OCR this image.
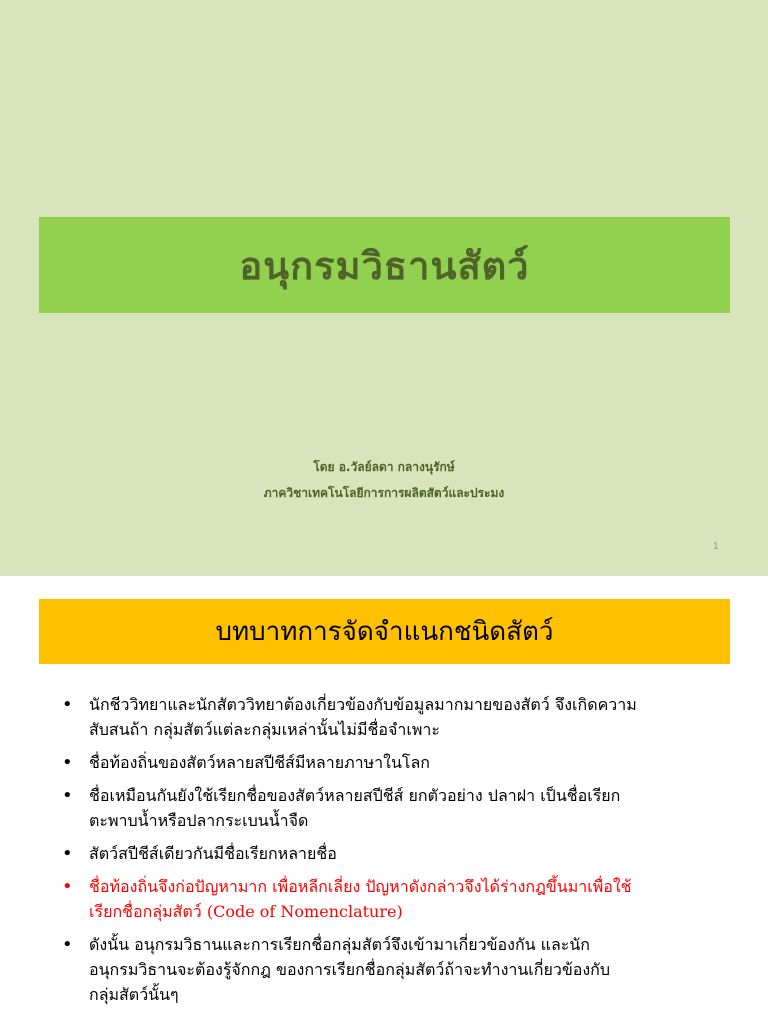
อนุกรมวิธานสัตว์
โดย อ.วัลย์ลดา กลางนุรักษ์
ภาควิชาเทคโนโลยีการการผลิตสัตว์และประมง
1
บทบาทการจัดจำแนกชนิดสัตว์
• นักชีววิทยาและนักสัตววิทยาต้องเกี่ยวข้องกับข้อมูลมากมายของสัตว์ จึงเกิดความ
สับสนถ้า กลุ่มสัตว์แต่ละกลุ่มเหล่านั้นไม่มีชื่อจำเพาะ
• ชื่อท้องถิ่นของสัตว์หลายสปีชีส์มีหลายภาษาในโลก
• ชื่อเหมือนกันยังใช้เรียกชื่อของสัตว์หลายสปีชีส์ ยกตัวอย่าง ปลาฝา เป็นชื่อเรียก
ตะพาบน้ำหรือปลากระเบนน้ำจืด
• สัตว์สปีชีส์เดียวกันมีชื่อเรียกหลายชื่อ
• ชื่อท้องถิ่นจึงก่อปัญหามาก เพื่อหลีกเลี่ยง ปัญหาดังกล่าวจึงได้ร่างกฎขึ้นมาเพื่อใช้
เรียกชื่อกลุ่มสัตว์ (Code of Nomenclature)
• ดังนั้น อนุกรมวิธานและการเรียกชื่อกลุ่มสัตว์จึงเข้ามาเกี่ยวข้องกัน และนัก
อนุกรมวิธานจะต้องรู้จักกฎ ของการเรียกชื่อกลุ่มสัตว์ถ้าจะทำงานเกี่ยวข้องกับ
กลุ่มสัตว์นั้นๆ
